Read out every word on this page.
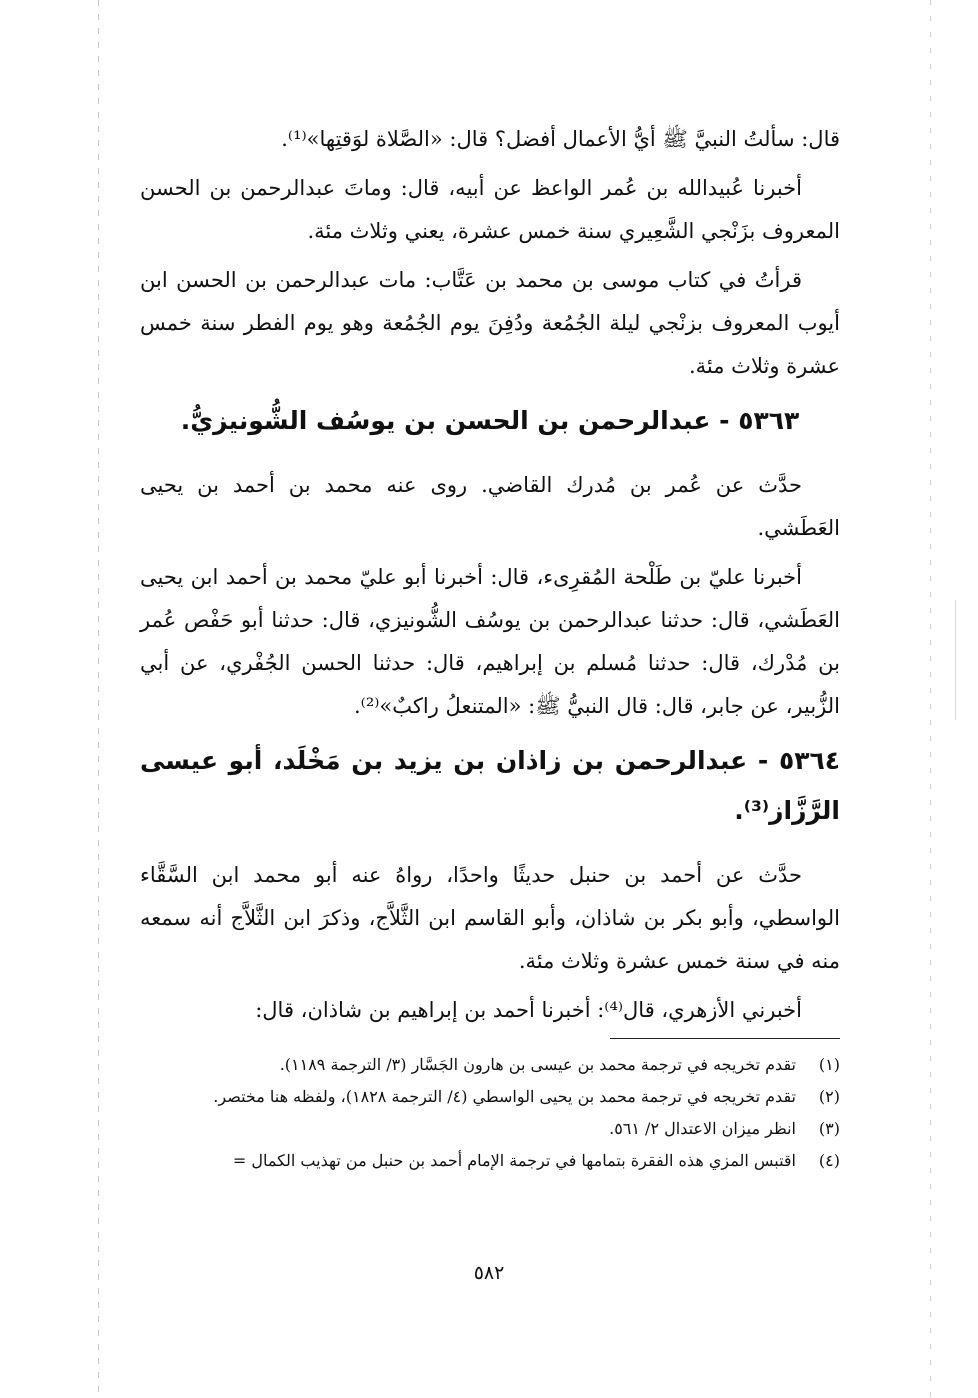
قال: سألتُ النبيَّ ﷺ أيُّ الأعمال أفضل؟ قال: «الصَّلاة لوَقتِها»⁽¹⁾.

أخبرنا عُبيدالله بن عُمر الواعظ عن أبيه، قال: وماتَ عبدالرحمن بن الحسن المعروف بزَنْجي الشَّعِيري سنة خمس عشرة، يعني وثلاث مئة.

قرأتُ في كتاب موسى بن محمد بن عَتَّاب: مات عبدالرحمن بن الحسن ابن أيوب المعروف بزنْجي ليلة الجُمُعة ودُفِنَ يوم الجُمُعة وهو يوم الفطر سنة خمس عشرة وثلاث مئة.

٥٣٦٣ - عبدالرحمن بن الحسن بن يوسُف الشُّونيزيُّ.

حدَّث عن عُمر بن مُدرك القاضي. روى عنه محمد بن أحمد بن يحيى العَطَشي.

أخبرنا عليّ بن طَلْحة المُقرِىء، قال: أخبرنا أبو عليّ محمد بن أحمد ابن يحيى العَطَشي، قال: حدثنا عبدالرحمن بن يوسُف الشُّونيزي، قال: حدثنا أبو حَفْص عُمر بن مُدْرك، قال: حدثنا مُسلم بن إبراهيم، قال: حدثنا الحسن الجُفْري، عن أبي الزُّبير، عن جابر، قال: قال النبيُّ ﷺ: «المتنعلُ راكبٌ»⁽²⁾.

٥٣٦٤ - عبدالرحمن بن زاذان بن يزيد بن مَخْلَد، أبو عيسى الرَّزَّاز⁽³⁾.

حدَّث عن أحمد بن حنبل حديثًا واحدًا، رواهُ عنه أبو محمد ابن السَّقَّاء الواسطي، وأبو بكر بن شاذان، وأبو القاسم ابن الثَّلاَّج، وذكرَ ابن الثَّلاَّج أنه سمعه منه في سنة خمس عشرة وثلاث مئة.

أخبرني الأزهري، قال⁽⁴⁾: أخبرنا أحمد بن إبراهيم بن شاذان، قال:

(١)
تقدم تخريجه في ترجمة محمد بن عيسى بن هارون الجَسَّار (٣/ الترجمة ١١٨٩).
(٢)
تقدم تخريجه في ترجمة محمد بن يحيى الواسطي (٤/ الترجمة ١٨٢٨)، ولفظه هنا مختصر.
(٣)
انظر ميزان الاعتدال ٢/ ٥٦١.
(٤)
اقتبس المزي هذه الفقرة بتمامها في ترجمة الإمام أحمد بن حنبل من تهذيب الكمال =
٥٨٢
